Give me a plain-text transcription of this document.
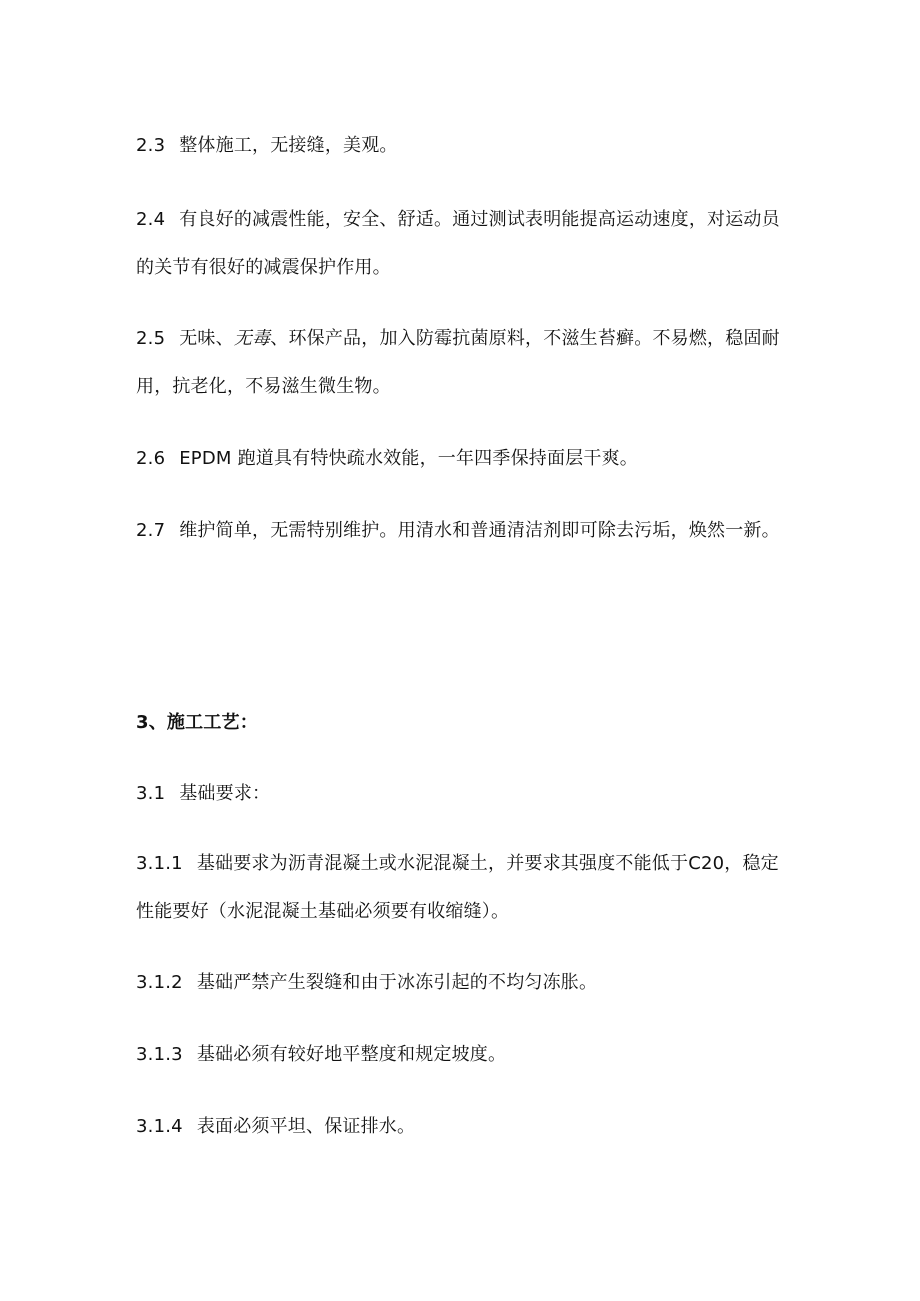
2.3 整体施工，无接缝，美观。

2.4 有良好的减震性能，安全、舒适。通过测试表明能提高运动速度，对运动员的关节有很好的减震保护作用。

2.5 无味、无毒、环保产品，加入防霉抗菌原料，不滋生苔癣。不易燃，稳固耐用，抗老化，不易滋生微生物。

2.6 EPDM 跑道具有特快疏水效能，一年四季保持面层干爽。

2.7 维护简单，无需特别维护。用清水和普通清洁剂即可除去污垢，焕然一新。

3、施工工艺：

3.1 基础要求：

3.1.1 基础要求为沥青混凝土或水泥混凝土，并要求其强度不能低于C20，稳定性能要好（水泥混凝土基础必须要有收缩缝）。

3.1.2 基础严禁产生裂缝和由于冰冻引起的不均匀冻胀。

3.1.3 基础必须有较好地平整度和规定坡度。

3.1.4 表面必须平坦、保证排水。
